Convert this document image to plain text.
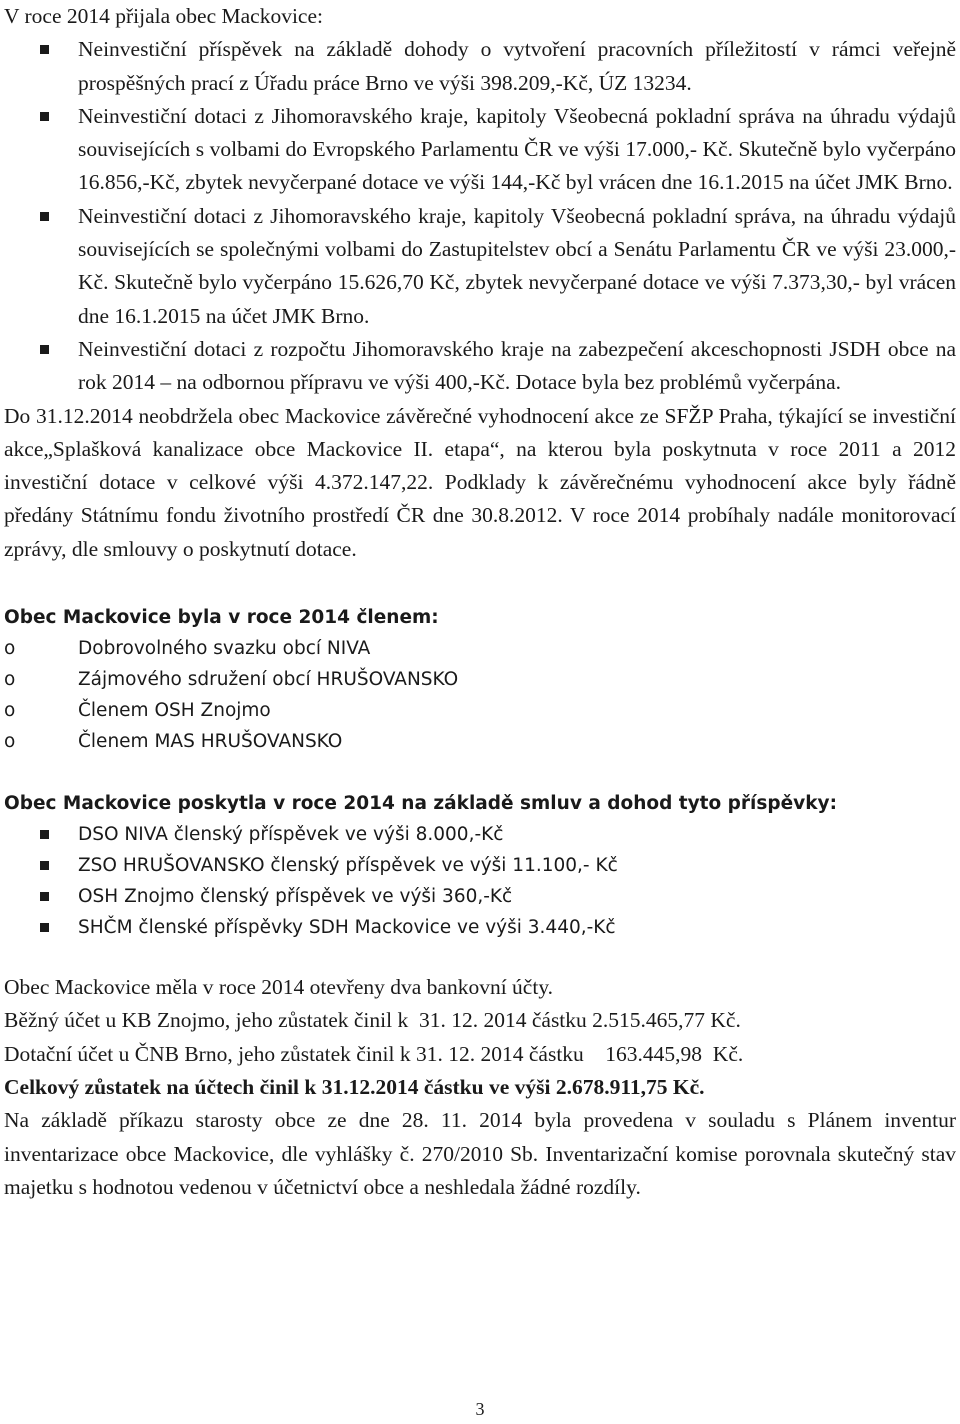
V roce 2014 přijala obec Mackovice:

Neinvestiční příspěvek na základě dohody o vytvoření pracovních příležitostí v rámci veřejně prospěšných prací z Úřadu práce Brno ve výši 398.209,-Kč, ÚZ 13234.
Neinvestiční dotaci z Jihomoravského kraje, kapitoly Všeobecná pokladní správa na úhradu výdajů souvisejících s volbami do Evropského Parlamentu ČR ve výši 17.000,- Kč. Skutečně bylo vyčerpáno 16.856,-Kč, zbytek nevyčerpané dotace ve výši 144,-Kč byl vrácen dne 16.1.2015 na účet JMK Brno.
Neinvestiční dotaci z Jihomoravského kraje, kapitoly Všeobecná pokladní správa, na úhradu výdajů souvisejících se společnými volbami do Zastupitelstev obcí a Senátu Parlamentu ČR ve výši 23.000,-Kč. Skutečně bylo vyčerpáno 15.626,70 Kč, zbytek nevyčerpané dotace ve výši 7.373,30,- byl vrácen dne 16.1.2015 na účet JMK Brno.
Neinvestiční dotaci z rozpočtu Jihomoravského kraje na zabezpečení akceschopnosti JSDH obce na rok 2014 – na odbornou přípravu ve výši 400,-Kč. Dotace byla bez problémů vyčerpána.

Do 31.12.2014 neobdržela obec Mackovice závěrečné vyhodnocení akce ze SFŽP Praha, týkající se investiční akce„Splašková kanalizace obce Mackovice II. etapa“, na kterou byla poskytnuta v roce 2011 a 2012 investiční dotace v celkové výši 4.372.147,22. Podklady k závěrečnému vyhodnocení akce byly řádně předány Státnímu fondu životního prostředí ČR dne 30.8.2012. V roce 2014 probíhaly nadále monitorovací zprávy, dle smlouvy o poskytnutí dotace.

Obec Mackovice byla v roce 2014 členem:

o	Dobrovolného svazku obcí NIVA
o	Zájmového sdružení obcí HRUŠOVANSKO
o	Členem OSH Znojmo
o	Členem MAS HRUŠOVANSKO

Obec Mackovice poskytla v roce 2014 na základě smluv a dohod tyto příspěvky:

DSO NIVA členský příspěvek ve výši 8.000,-Kč
ZSO HRUŠOVANSKO členský příspěvek ve výši 11.100,- Kč
OSH Znojmo členský příspěvek ve výši 360,-Kč
SHČM členské příspěvky SDH Mackovice ve výši 3.440,-Kč

Obec Mackovice měla v roce 2014 otevřeny dva bankovní účty.

Běžný účet u KB Znojmo, jeho zůstatek činil k  31. 12. 2014 částku 2.515.465,77 Kč.

Dotační účet u ČNB Brno, jeho zůstatek činil k 31. 12. 2014 částku    163.445,98  Kč.

Celkový zůstatek na účtech činil k 31.12.2014 částku ve výši 2.678.911,75 Kč.

Na základě příkazu starosty obce ze dne 28. 11. 2014 byla provedena v souladu s Plánem inventur inventarizace obce Mackovice, dle vyhlášky č. 270/2010 Sb. Inventarizační komise porovnala skutečný stav majetku s hodnotou vedenou v účetnictví obce a neshledala žádné rozdíly.

3
